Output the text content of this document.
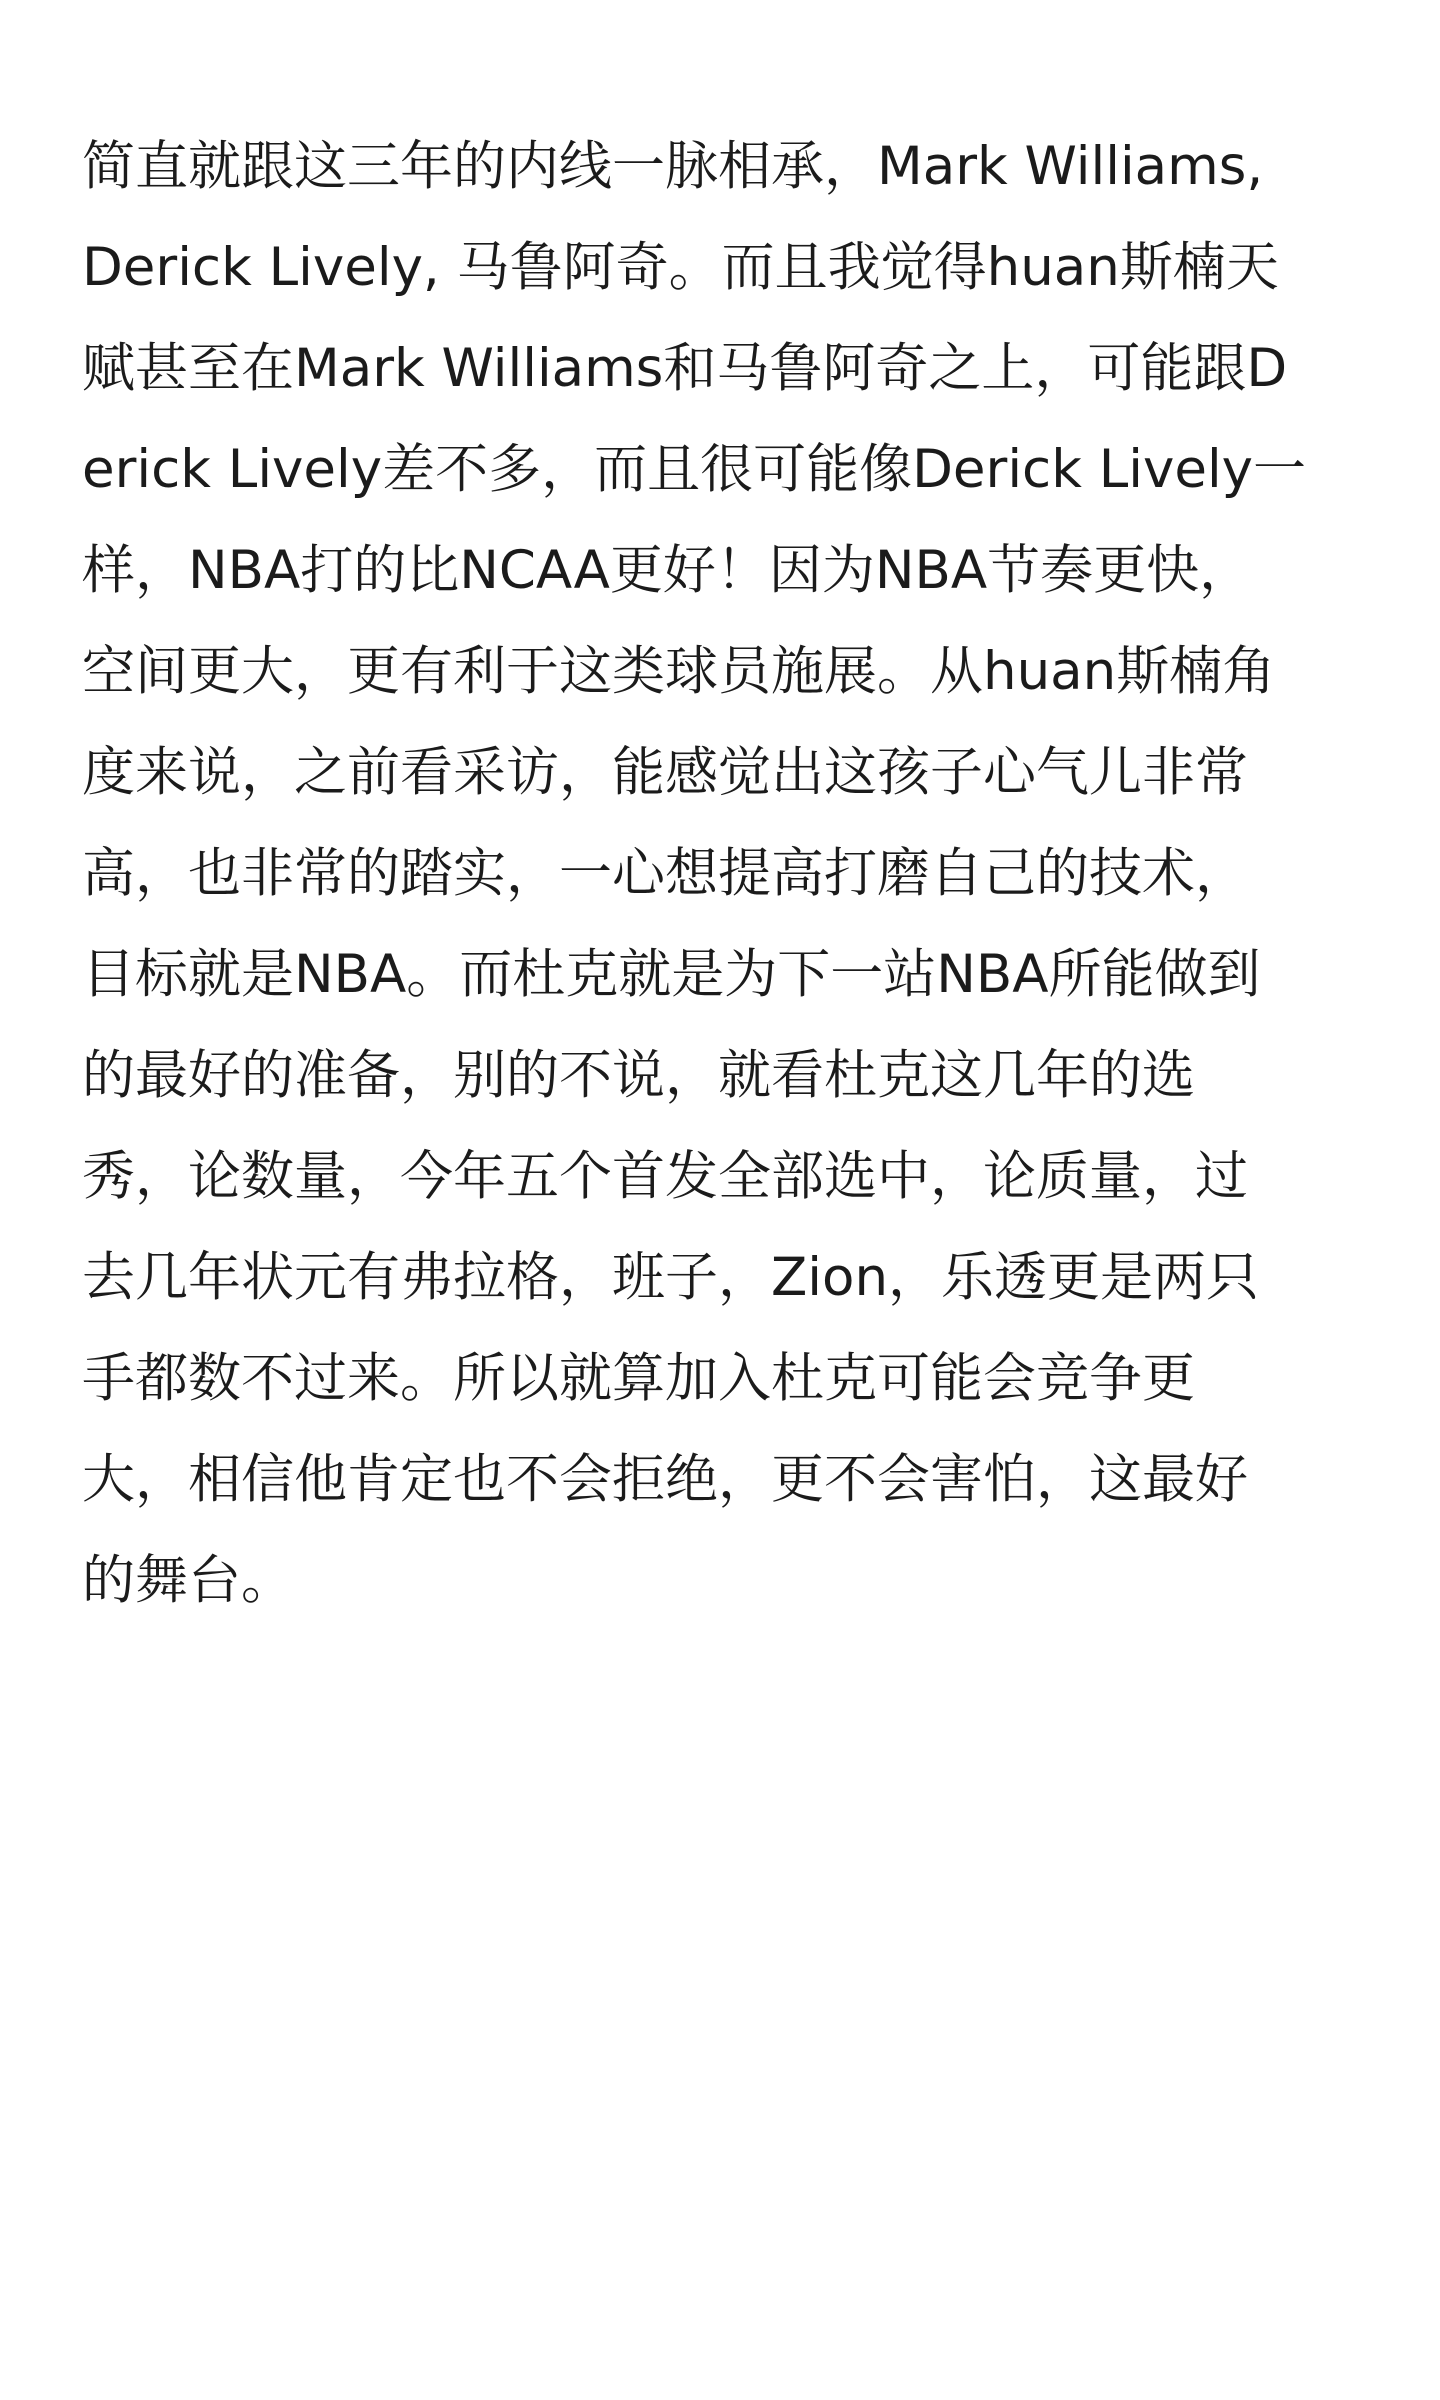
简直就跟这三年的内线一脉相承，Mark Williams,
Derick Lively, 马鲁阿奇。而且我觉得huan斯楠天
赋甚至在Mark Williams和马鲁阿奇之上，可能跟D
erick Lively差不多，而且很可能像Derick Lively一
样，NBA打的比NCAA更好！因为NBA节奏更快，
空间更大，更有利于这类球员施展。从huan斯楠角
度来说，之前看采访，能感觉出这孩子心气儿非常
高，也非常的踏实，一心想提高打磨自己的技术，
目标就是NBA。而杜克就是为下一站NBA所能做到
的最好的准备，别的不说，就看杜克这几年的选
秀，论数量，今年五个首发全部选中，论质量，过
去几年状元有弗拉格，班子，Zion，乐透更是两只
手都数不过来。所以就算加入杜克可能会竞争更
大，相信他肯定也不会拒绝，更不会害怕，这最好
的舞台。
